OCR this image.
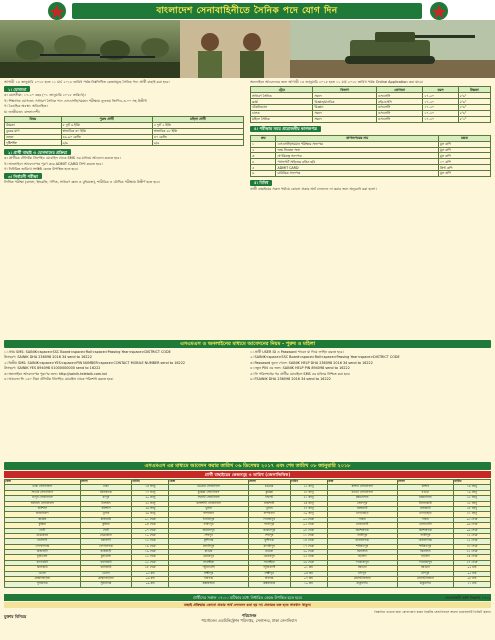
বাংলাদেশ সেনাবাহিনীতে সৈনিক পদে যোগ দিন
আগামী ১৪ জানুয়ারি ২০১৮ হতে ১১ মার্চ ২০১৮ তারিখ পর্যন্ত নিম্নলিখিত কেন্দ্রসমূহে সৈনিক পদে প্রার্থী বাছাই করা হবে।
১। যোগ্যতা
ক। বয়সসীমা: ১৭-২০ বছর (০১ জানুয়ারি ২০১৮ তারিখে)।
খ। শিক্ষাগত যোগ্যতা: সাধারণ সৈনিক পদে এসএসসি/সমমান পরীক্ষায় ন্যূনতম জিপিএ-৩.০০ সহ উত্তীর্ণ।
গ। বৈবাহিক অবস্থা: অবিবাহিত।
ঘ। জাতীয়তা: বাংলাদেশী।
বিষয়	পুরুষ প্রার্থী	মহিলা প্রার্থী
উচ্চতা	৫ ফুট ৬ ইঞ্চি	৫ ফুট ২ ইঞ্চি
বুকের মাপ	স্বাভাবিক ৩০ ইঞ্চি	স্বাভাবিক ২৮ ইঞ্চি
ওজন	৪৯.৯০ কেজি	৪৭ কেজি
দৃষ্টিশক্তি	৬/৬	৬/৬
২। প্রার্থী বাছাই ও যোগদানের প্রক্রিয়া
ক। প্রার্থীকে টেলিটক প্রিপেইড মোবাইল থেকে SMS এর মাধ্যমে আবেদন করতে হবে।
খ। অনলাইনে আবেদনপত্র পূরণ করে ADMIT CARD প্রিন্ট করতে হবে।
গ। নির্ধারিত তারিখে সংশ্লিষ্ট কেন্দ্রে উপস্থিত হতে হবে।
৩। নির্বাচনী পরীক্ষা
লিখিত পরীক্ষা (বাংলা, ইংরেজি, গণিত, সাধারণ জ্ঞান ও বুদ্ধিমত্তা), শারীরিক ও মৌখিক পরীক্ষায় উত্তীর্ণ হতে হবে।
অনলাইনে আবেদনের জন্য আগামী ১৪ জানুয়ারি ২০১৮ হতে ১১ মার্চ ২০১৮ তারিখ পর্যন্ত Online Application করা যাবে।
ট্রেড	বিভাগ	যোগ্যতা	বয়স	উচ্চতা
সাধারণ সৈনিক	সকল	এসএসসি	১৭-২০	৫'৬"
ক্লার্ক	বিজ্ঞান/মানবিক	এইচএসসি	১৭-২০	৫'৬"
টেকনিক্যাল	বিজ্ঞান	এসএসসি	১৭-২০	৫'৬"
চালক	সকল	এসএসসি	১৭-২০	৫'৬"
মহিলা সৈনিক	সকল	এসএসসি	১৭-২০	৫'২"
৪। পরীক্ষার সময় প্রয়োজনীয় কাগজপত্র
ক্রম	কাগজপত্রের নাম	মন্তব্য
১	এসএসসি/সমমান পরীক্ষার সনদপত্র	মূল কপি
২	জন্ম নিবন্ধন সনদ	মূল কপি
৩	নাগরিকত্ব সনদপত্র	মূল কপি
৪	পাসপোর্ট সাইজের রঙিন ছবি	১০ কপি
৫	ADMIT CARD	প্রিন্ট কপি
৬	চারিত্রিক সনদপত্র	মূল কপি
৫। বিবিধ
প্রার্থী বাছাইয়ের সকল পর্যায়ে কোনো প্রকার অর্থ লেনদেন না করার জন্য অনুরোধ করা হলো।
এসএমএস ও অনলাইনের মাধ্যমে আবেদনের নিয়ম - পুরুষ ও মহিলা
১। প্রথম SMS: SAINIK<space>SSC Board<space>Roll<space>Passing Year<space>DISTRICT CODE
উদাহরণ: SAINIK DHA 236098 2016 34 send to 16222
২। দ্বিতীয় SMS: SAINIK<space>YES<space>PIN NUMBER<space>CONTACT MOBILE NUMBER send to 16222
উদাহরণ: SAINIK YES 894098 01000000000 send to 16222
৩। অনলাইনে আবেদনপত্র পূরণের জন্য: http://sainik.teletalk.com.bd
৪। আবেদন ফি ১৬০ টাকা টেলিটক প্রিপেইড মোবাইল থেকে পরিশোধ করতে হবে।
১। প্রার্থী USER ID ও Password পাবেন যা দিয়ে লগইন করতে হবে।
২। SAINIK<space>SSC Board<space>Roll<space>Passing Year<space>DISTRICT CODE
৩। Password ভুলে গেলে: SAINIK HELP DHA 236098 2016 34 send to 16222
৪। নতুন PIN এর জন্য: SAINIK HELP PIN 894098 send to 16222
৫। ফি পরিশোধের পর প্রার্থীর মোবাইলে SMS এর মাধ্যমে নিশ্চিত করা হবে।
৬। FSAINIK DHA 236098 2016 34 send to 16222
এসএমএস এর মাধ্যমে আবেদন করার তারিখ ০৬ ডিসেম্বর ২০১৭ এবং শেষ তারিখ ০৮ জানুয়ারি ২০১৮
প্রার্থী বাছাইয়ের কেন্দ্রসমূহ ও তারিখ (জেলাভিত্তিক)
কেন্দ্র	জেলা	তারিখ	কেন্দ্র	জেলা	তারিখ	কেন্দ্র	জেলা	তারিখ
ঢাকা সেনানিবাস	ঢাকা	১৪ জানু	চট্টগ্রাম সেনানিবাস	চট্টগ্রাম	১৫ জানু	যশোর সেনানিবাস	যশোর	১৬ জানু
সাভার সেনানিবাস	মানিকগঞ্জ	১৭ জানু	কুমিল্লা সেনানিবাস	কুমিল্লা	১৮ জানু	বগুড়া সেনানিবাস	বগুড়া	১৯ জানু
রংপুর সেনানিবাস	রংপুর	২০ জানু	সিলেট সেনানিবাস	সিলেট	২১ জানু	ময়মনসিংহ	ময়মনসিংহ	২২ জানু
ঘাটাইল সেনানিবাস	টাঙ্গাইল	২৩ জানু	রাজশাহী সেনানিবাস	রাজশাহী	২৪ জানু	সৈয়দপুর	নীলফামারী	২৫ জানু
বরিশাল	বরিশাল	২৬ জানু	খুলনা	খুলনা	২৭ জানু	রাঙ্গামাটি	রাঙ্গামাটি	২৮ জানু
জাহানাবাদ	খুলনা	২৯ জানু	বান্দরবান	বান্দরবান	৩০ জানু	খাগড়াছড়ি	খাগড়াছড়ি	৩১ জানু
কাপ্তাই	রাঙ্গামাটি	০১ ফেব্রু	দিনাজপুর	দিনাজপুর	০২ ফেব্রু	পাবনা	পাবনা	০৩ ফেব্রু
কুষ্টিয়া	কুষ্টিয়া	০৪ ফেব্রু	ফরিদপুর	ফরিদপুর	০৫ ফেব্রু	নোয়াখালী	নোয়াখালী	০৬ ফেব্রু
ফেনী	ফেনী	০৭ ফেব্রু	জামালপুর	জামালপুর	০৮ ফেব্রু	কিশোরগঞ্জ	কিশোরগঞ্জ	০৯ ফেব্রু
নেত্রকোনা	নেত্রকোনা	১০ ফেব্রু	শেরপুর	শেরপুর	১১ ফেব্রু	গাজীপুর	গাজীপুর	১২ ফেব্রু
নরসিংদী	নরসিংদী	১৩ ফেব্রু	মুন্সীগঞ্জ	মুন্সীগঞ্জ	১৪ ফেব্রু	নারায়ণগঞ্জ	নারায়ণগঞ্জ	১৫ ফেব্রু
গোপালগঞ্জ	গোপালগঞ্জ	১৬ ফেব্রু	মাদারীপুর	মাদারীপুর	১৭ ফেব্রু	শরীয়তপুর	শরীয়তপুর	১৮ ফেব্রু
রাজবাড়ী	রাজবাড়ী	১৯ ফেব্রু	মাগুরা	মাগুরা	২০ ফেব্রু	ঝিনাইদহ	ঝিনাইদহ	২১ ফেব্রু
চুয়াডাঙ্গা	চুয়াডাঙ্গা	২২ ফেব্রু	মেহেরপুর	মেহেরপুর	২৩ ফেব্রু	নড়াইল	নড়াইল	২৪ ফেব্রু
বাগেরহাট	বাগেরহাট	২৫ ফেব্রু	সাতক্ষীরা	সাতক্ষীরা	২৬ ফেব্রু	পিরোজপুর	পিরোজপুর	২৭ ফেব্রু
ঝালকাঠি	ঝালকাঠি	২৮ ফেব্রু	পটুয়াখালী	পটুয়াখালী	০১ মার্চ	বরগুনা	বরগুনা	০২ মার্চ
ভোলা	ভোলা	০৩ মার্চ	লক্ষ্মীপুর	লক্ষ্মীপুর	০৪ মার্চ	চাঁদপুর	চাঁদপুর	০৫ মার্চ
ব্রাহ্মণবাড়িয়া	ব্রাহ্মণবাড়িয়া	০৬ মার্চ	হবিগঞ্জ	হবিগঞ্জ	০৭ মার্চ	মৌলভীবাজার	মৌলভীবাজার	০৮ মার্চ
সুনামগঞ্জ	সুনামগঞ্জ	০৯ মার্চ	কক্সবাজার	কক্সবাজার	১০ মার্চ	ঠাকুরগাঁও	ঠাকুরগাঁও	১১ মার্চ
প্রার্থীদের সকাল ০৭:০০ ঘটিকার মধ্যে নির্ধারিত কেন্দ্রে উপস্থিত হতে হবে।
বাছাই প্রক্রিয়ায় কোনো প্রকার অর্থ লেনদেন করা হয় না। প্রতারক চক্র হতে সাবধান থাকুন।
সেনাবাহিনী ভর্তি বিজ্ঞপ্তি ২০১৮
মুক্তার বিনিময়	পরিচালক
পার্সোনেল এডমিনিস্ট্রেশন পরিদপ্তর, সেনাসদর, ঢাকা সেনানিবাস
বিস্তারিত তথ্যের জন্য যোগাযোগ করুন নিকটস্থ সেনানিবাসে অথবা ওয়েবসাইট ভিজিট করুন।
